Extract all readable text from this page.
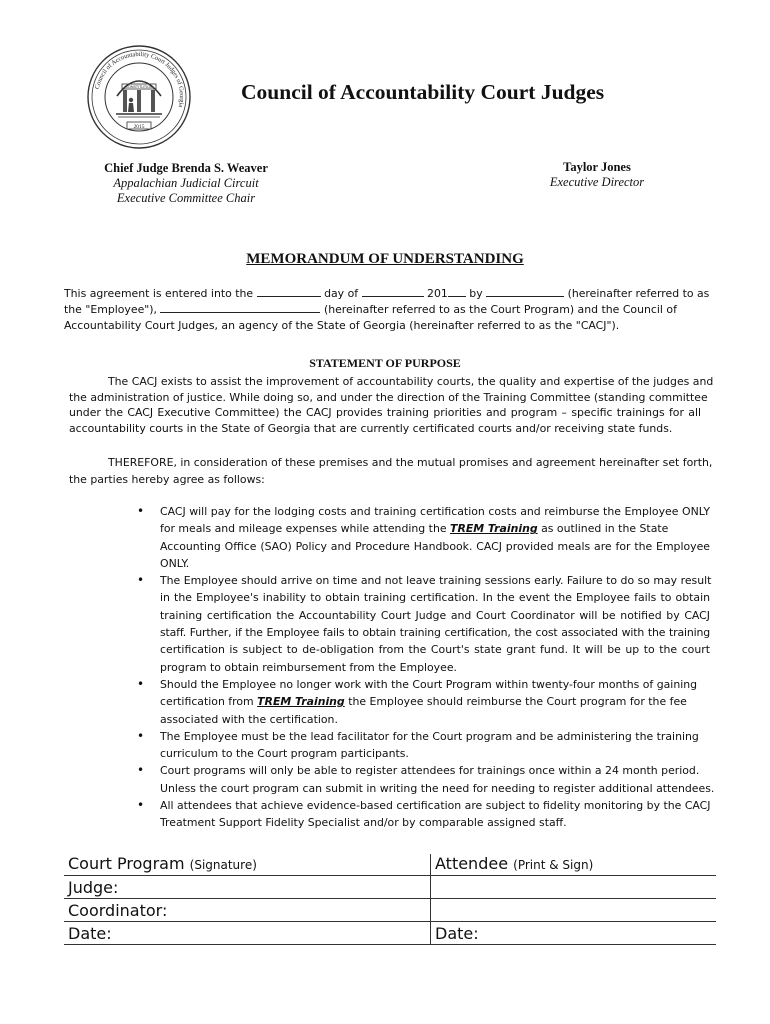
Council of Accountability Court Judges of Georgia
CONSTITUTION
2015
Council of Accountability Court Judges
Chief Judge Brenda S. Weaver
Appalachian Judicial Circuit
Executive Committee Chair
Taylor Jones
Executive Director
MEMORANDUM OF UNDERSTANDING

This agreement is entered into the	day of	201 by	(hereinafter referred to as

the "Employee"),	(hereinafter referred to as the Court Program) and the Council of

Accountability Court Judges, an agency of the State of Georgia (hereinafter referred to as the "CACJ").

STATEMENT OF PURPOSE

The CACJ exists to assist the improvement of accountability courts, the quality and expertise of the judges and

the administration of justice. While doing so, and under the direction of the Training Committee (standing committee

under the CACJ Executive Committee) the CACJ provides training priorities and program – specific trainings for all

accountability courts in the State of Georgia that are currently certificated courts and/or receiving state funds.

THEREFORE, in consideration of these premises and the mutual promises and agreement hereinafter set forth,

the parties hereby agree as follows:

• CACJ will pay for the lodging costs and training certification costs and reimburse the Employee ONLY
for meals and mileage expenses while attending the TREM Training as outlined in the State
Accounting Office (SAO) Policy and Procedure Handbook. CACJ provided meals are for the Employee
ONLY.
• The Employee should arrive on time and not leave training sessions early. Failure to do so may result
in the Employee's inability to obtain training certification. In the event the Employee fails to obtain
training certification the Accountability Court Judge and Court Coordinator will be notified by CACJ
staff. Further, if the Employee fails to obtain training certification, the cost associated with the training
certification is subject to de-obligation from the Court's state grant fund. It will be up to the court
program to obtain reimbursement from the Employee.
• Should the Employee no longer work with the Court Program within twenty-four months of gaining
certification from TREM Training the Employee should reimburse the Court program for the fee
associated with the certification.
• The Employee must be the lead facilitator for the Court program and be administering the training
curriculum to the Court program participants.
• Court programs will only be able to register attendees for trainings once within a 24 month period.
Unless the court program can submit in writing the need for needing to register additional attendees.
• All attendees that achieve evidence-based certification are subject to fidelity monitoring by the CACJ
Treatment Support Fidelity Specialist and/or by comparable assigned staff.
Court Program (Signature)	Attendee (Print & Sign)
Judge:	
Coordinator:	
Date:	Date:
